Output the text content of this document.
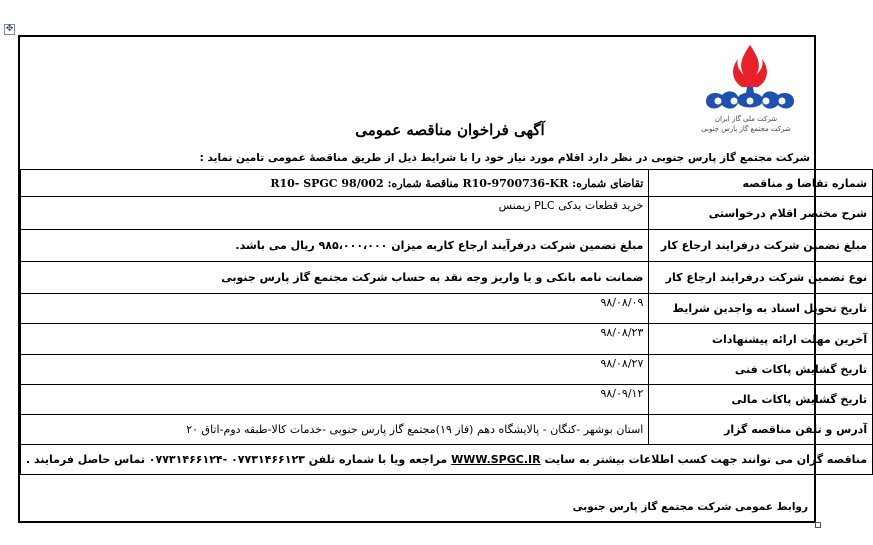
✥
شرکت ملی گاز ایران
شرکت مجتمع گاز پارس جنوبی
آگهی فراخوان مناقصه عمومی
شرکت مجتمع گاز پارس جنوبی در نظر دارد اقلام مورد نیاز خود را با شرایط ذیل از طریق مناقصهٔ عمومی تامین نماید :
شماره تقاضا و مناقصه	تقاضای شماره: R10-9700736-KR مناقصهٔ شماره: R10- SPGC 98/002
شرح مختصر اقلام درخواستی	خرید قطعات یدکی PLC زیمنس
مبلغ تضمین شرکت درفرایند ارجاع کار	مبلغ تضمین شرکت درفرآیند ارجاع کاربه میزان ۹۸۵،۰۰۰،۰۰۰ ریال می باشد.
نوع تضمین شرکت درفرایند ارجاع کار	ضمانت نامه بانکی و یا واریز وجه نقد به حساب شرکت مجتمع گاز پارس جنوبی
تاریخ تحویل اسناد به واجدین شرایط	۹۸/۰۸/۰۹
آخرین مهلت ارائه پیشنهادات	۹۸/۰۸/۲۳
تاریخ گشایش پاکات فنی	۹۸/۰۸/۲۷
تاریخ گشایش پاکات مالی	۹۸/۰۹/۱۲
آدرس و تلفن مناقصه گزار	استان بوشهر -کنگان - پالایشگاه دهم (فاز ۱۹)مجتمع گاز پارس جنوبی -خدمات کالا-طبقه دوم-اتاق ۲۰
مناقصه گران می توانند جهت کسب اطلاعات بیشتر به سایت WWW.SPGC.IR مراجعه ویا با شماره تلفن ۰۷۷۳۱۴۶۶۱۲۳ -۰۷۷۳۱۴۶۶۱۲۴ تماس حاصل فرمایند .	
روابط عمومی شرکت مجتمع گاز پارس جنوبی
